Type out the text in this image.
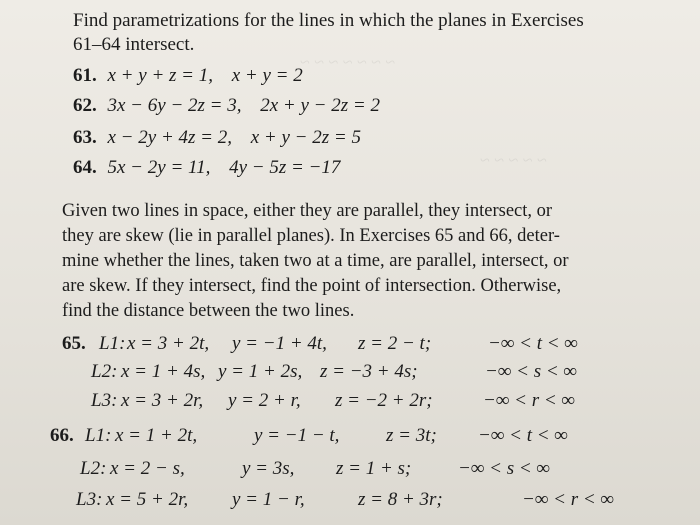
~ ~ ~ ~ ~ ~ ~
~ ~ ~ ~ ~
Find parametrizations for the lines in which the planes in Exercises
61–64 intersect.
61. x + y + z = 1, x + y = 2
62. 3x − 6y − 2z = 3, 2x + y − 2z = 2
63. x − 2y + 4z = 2, x + y − 2z = 5
64. 5x − 2y = 11, 4y − 5z = −17
Given two lines in space, either they are parallel, they intersect, or
they are skew (lie in parallel planes). In Exercises 65 and 66, deter-
mine whether the lines, taken two at a time, are parallel, intersect, or
are skew. If they intersect, find the point of intersection. Otherwise,
find the distance between the two lines.
65. L1: x = 3 + 2t, y = −1 + 4t, z = 2 − t;	−∞ < t < ∞
L2: x = 1 + 4s, y = 1 + 2s, z = −3 + 4s;	−∞ < s < ∞
L3: x = 3 + 2r, y = 2 + r, z = −2 + 2r;	−∞ < r < ∞
66. L1: x = 1 + 2t,	y = −1 − t, z = 3t; −∞ < t < ∞
L2: x = 2 − s,	y = 3s, z = 1 + s; −∞ < s < ∞
L3: x = 5 + 2r, y = 1 − r,	z = 8 + 3r;	−∞ < r < ∞
